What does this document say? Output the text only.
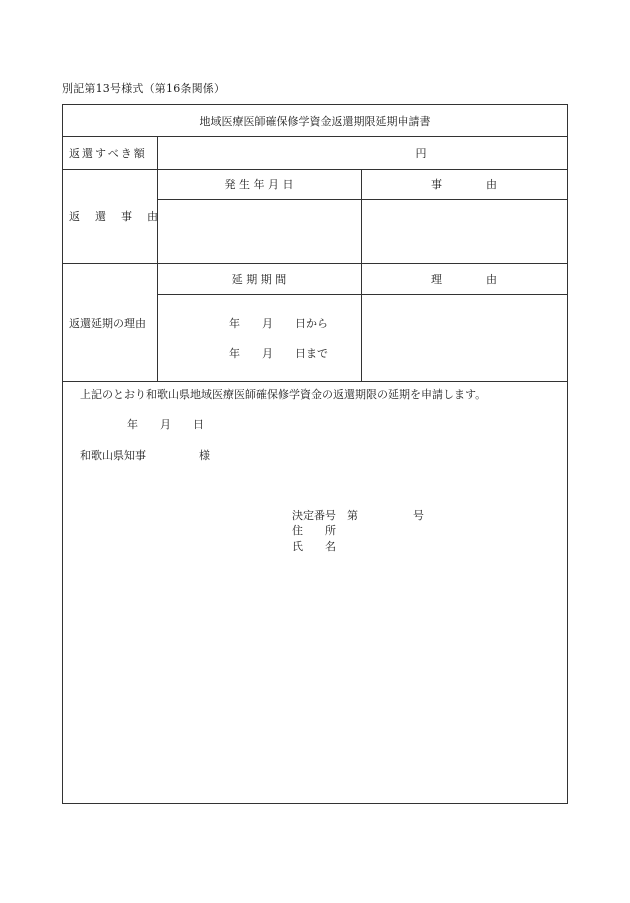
別記第13号様式（第16条関係）
地域医療医師確保修学資金返還期限延期申請書
返還すべき額	円
返　還　事　由
発 生 年 月 日	事　　　　由
返還延期の理由
延 期 期 間	理　　　　由
年　　月　　日から
年　　月　　日まで
上記のとおり和歌山県地域医療医師確保修学資金の返還期限の延期を申請します。
年　　月　　日
和歌山県知事	様
決定番号　第　　　　　号
住　　所
氏　　名
